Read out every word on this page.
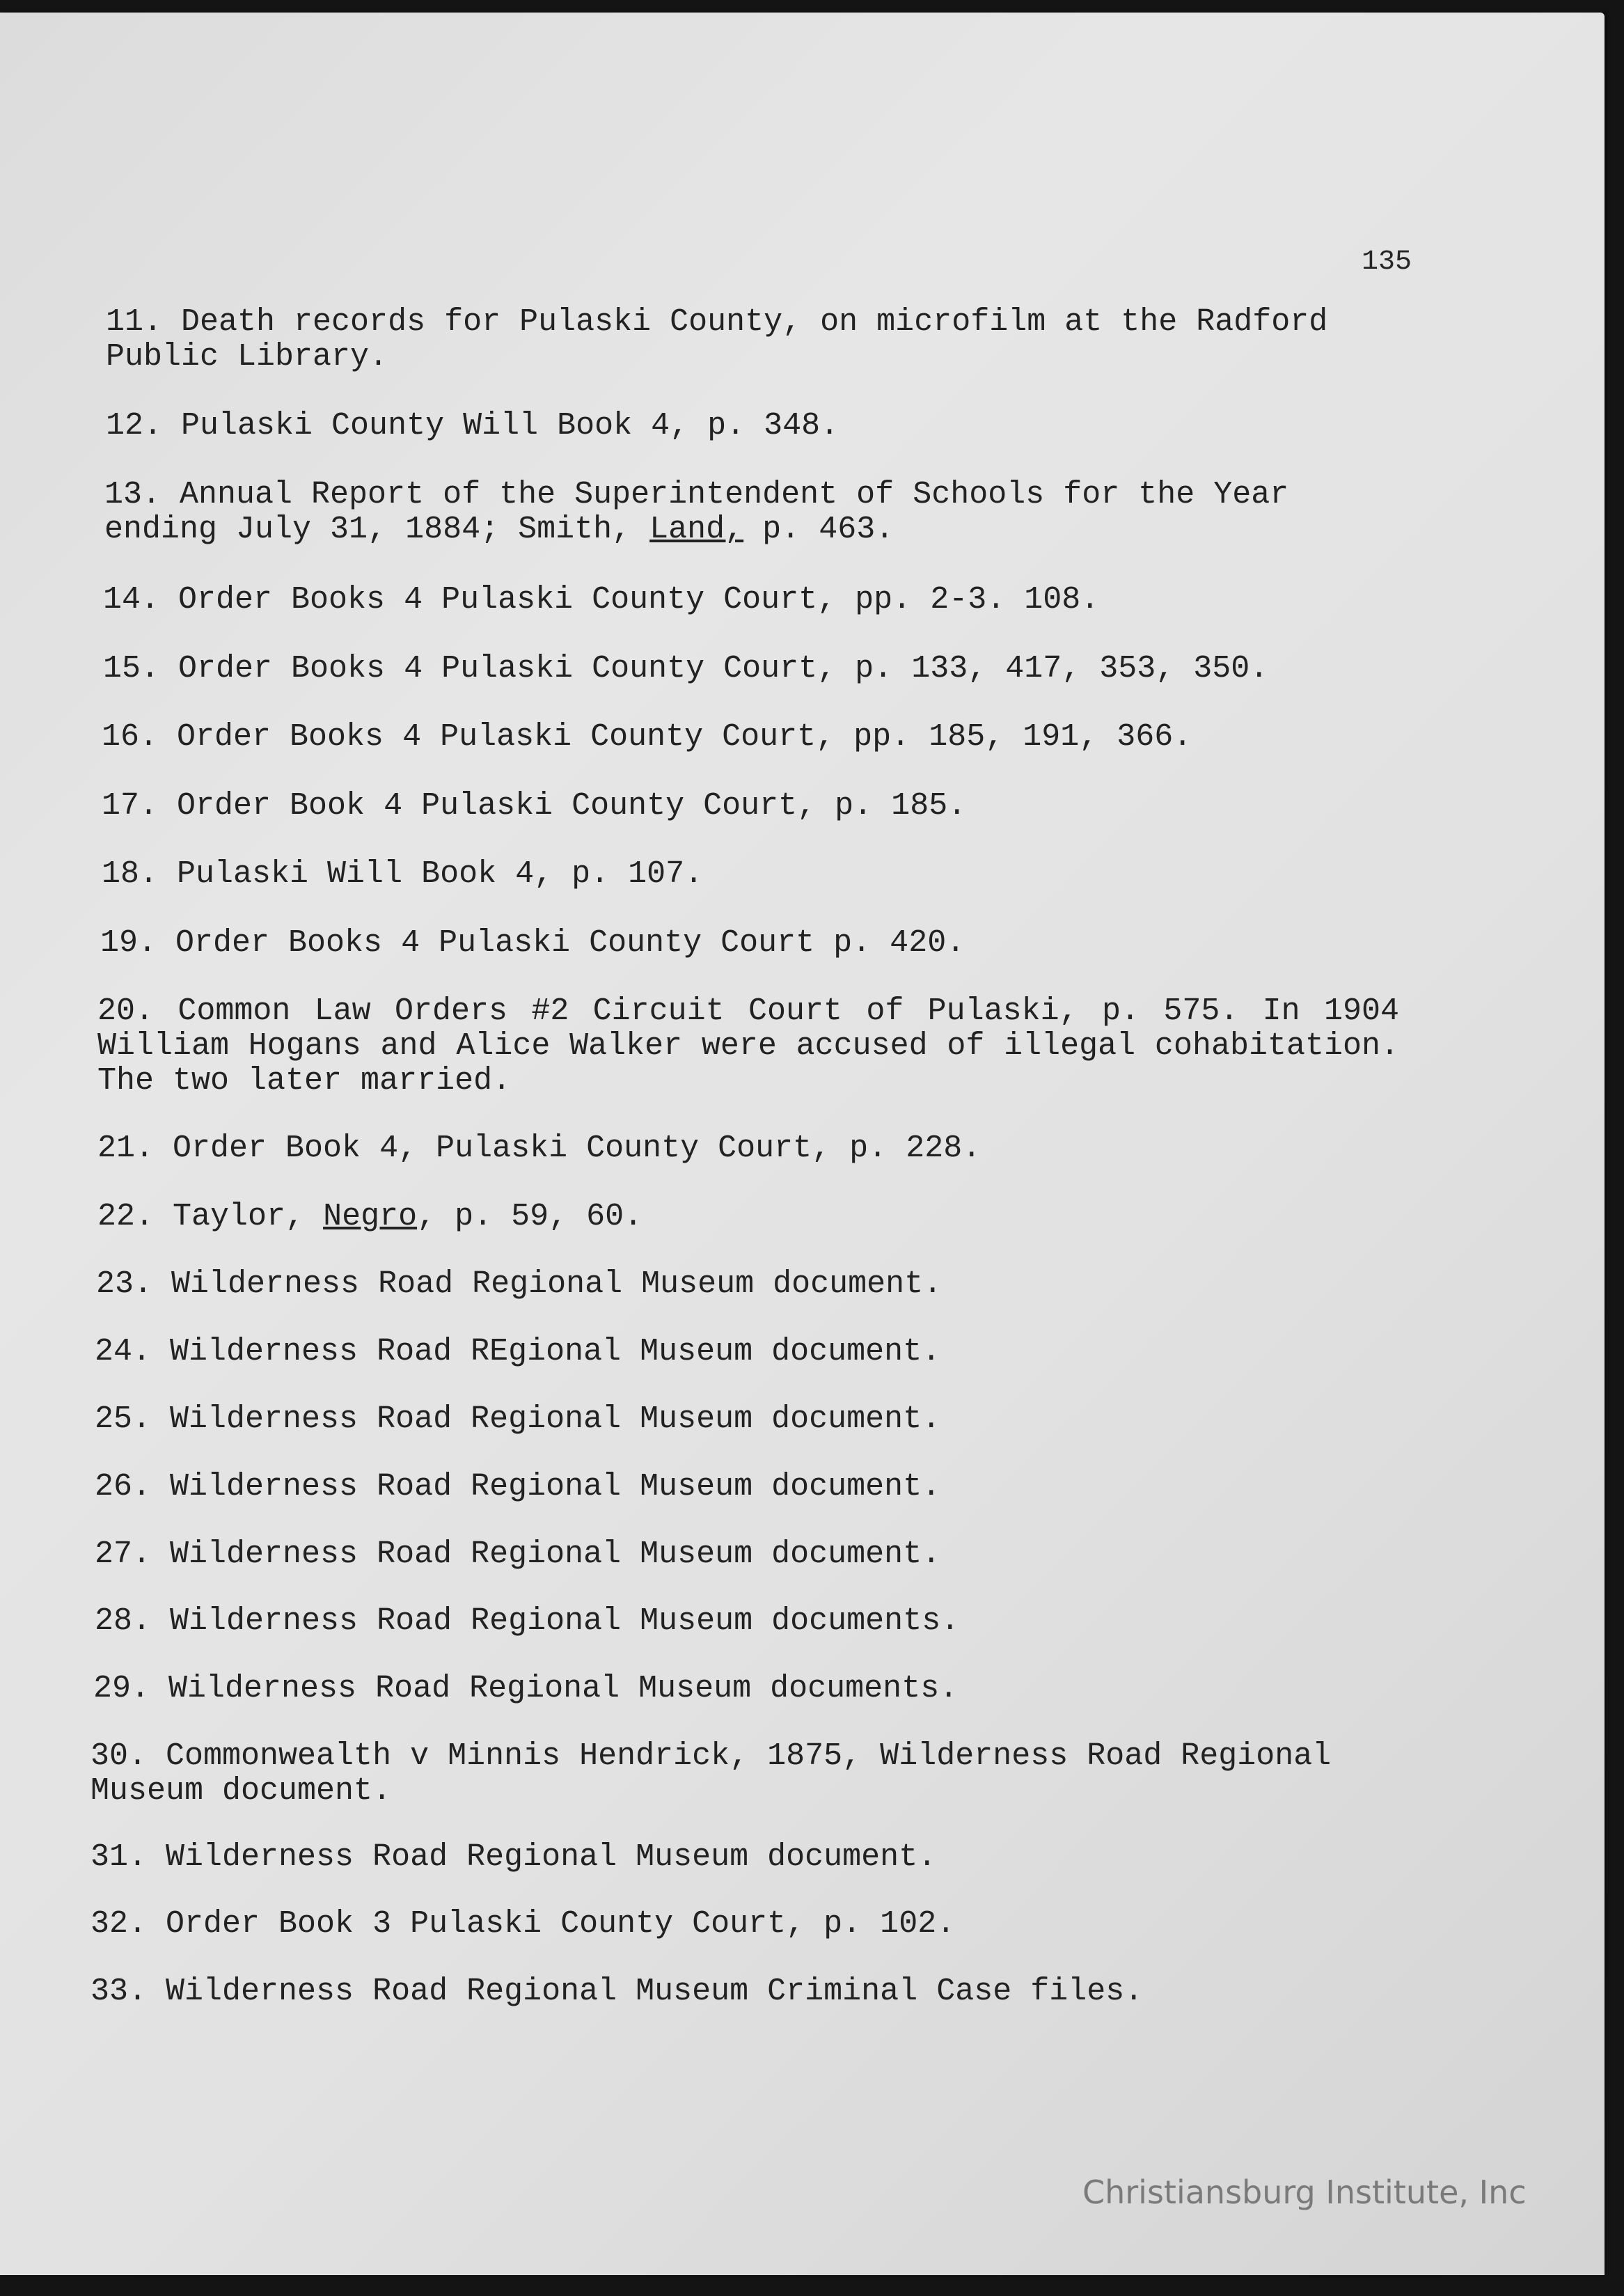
135
11. Death records for Pulaski County, on microfilm at the Radford
Public Library.
12. Pulaski County Will Book 4, p. 348.
13. Annual Report of the Superintendent of Schools for the Year
ending July 31, 1884; Smith, Land, p. 463.
14. Order Books 4 Pulaski County Court, pp. 2-3. 108.
15. Order Books 4 Pulaski County Court, p. 133, 417, 353, 350.
16. Order Books 4 Pulaski County Court, pp. 185, 191, 366.
17. Order Book 4 Pulaski County Court, p. 185.
18. Pulaski Will Book 4, p. 107.
19. Order Books 4 Pulaski County Court p. 420.
20. Common Law Orders #2 Circuit Court of Pulaski, p. 575. In 1904 William Hogans and Alice Walker were accused of illegal cohabitation. The two later married.
21. Order Book 4, Pulaski County Court, p. 228.
22. Taylor, Negro, p. 59, 60.
23. Wilderness Road Regional Museum document.
24. Wilderness Road REgional Museum document.
25. Wilderness Road Regional Museum document.
26. Wilderness Road Regional Museum document.
27. Wilderness Road Regional Museum document.
28. Wilderness Road Regional Museum documents.
29. Wilderness Road Regional Museum documents.
30. Commonwealth v Minnis Hendrick, 1875, Wilderness Road Regional
Museum document.
31. Wilderness Road Regional Museum document.
32. Order Book 3 Pulaski County Court, p. 102.
33. Wilderness Road Regional Museum Criminal Case files.
Christiansburg Institute, Inc
